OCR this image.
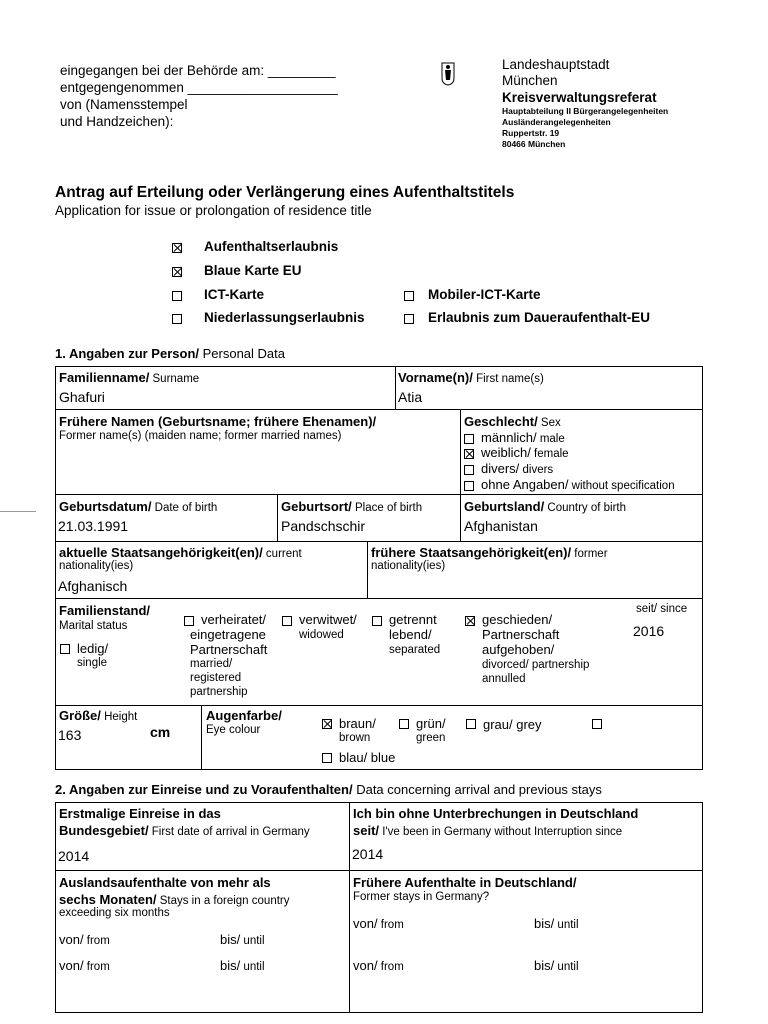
eingegangen bei der Behörde am: _________
entgegengenommen ____________________
von (Namensstempel
und Handzeichen):
Landeshauptstadt
München
Kreisverwaltungsreferat
Hauptabteilung II Bürgerangelegenheiten
Ausländerangelegenheiten
Ruppertstr. 19
80466 München
Antrag auf Erteilung oder Verlängerung eines Aufenthaltstitels
Application for issue or prolongation of residence title
Aufenthaltserlaubnis
Blaue Karte EU
ICT-Karte	Mobiler-ICT-Karte
Niederlassungserlaubnis	Erlaubnis zum Daueraufenthalt-EU
1. Angaben zur Person/ Personal Data
Familienname/ Surname
Ghafuri
Vorname(n)/ First name(s)
Atia
Frühere Namen (Geburtsname; frühere Ehenamen)/
Former name(s) (maiden name; former married names)
Geschlecht/ Sex
männlich/ male
weiblich/ female
divers/ divers
ohne Angaben/ without specification
Geburtsdatum/ Date of birth
21.03.1991
Geburtsort/ Place of birth
Pandschschir
Geburtsland/ Country of birth
Afghanistan
aktuelle Staatsangehörigkeit(en)/ current
nationality(ies)
Afghanisch
frühere Staatsangehörigkeit(en)/ former
nationality(ies)
Familienstand/
Marital status
ledig/
single
verheiratet/
eingetragene
Partnerschaft
married/
registered
partnership
verwitwet/
widowed
getrennt
lebend/
separated
geschieden/
Partnerschaft
aufgehoben/
divorced/ partnership
annulled
seit/ since
2016
Größe/ Height
163	cm
Augenfarbe/
Eye colour	braun/
brown
grün/
green
grau/ grey
blau/ blue
2. Angaben zur Einreise und zu Voraufenthalten/ Data concerning arrival and previous stays
Erstmalige Einreise in das
Bundesgebiet/ First date of arrival in Germany
2014
Ich bin ohne Unterbrechungen in Deutschland
seit/ I've been in Germany without Interruption since
2014
Auslandsaufenthalte von mehr als
sechs Monaten/ Stays in a foreign country
exceeding six months
von/ from	bis/ until
von/ from	bis/ until
Frühere Aufenthalte in Deutschland/
Former stays in Germany?
von/ from	bis/ until
von/ from	bis/ until
